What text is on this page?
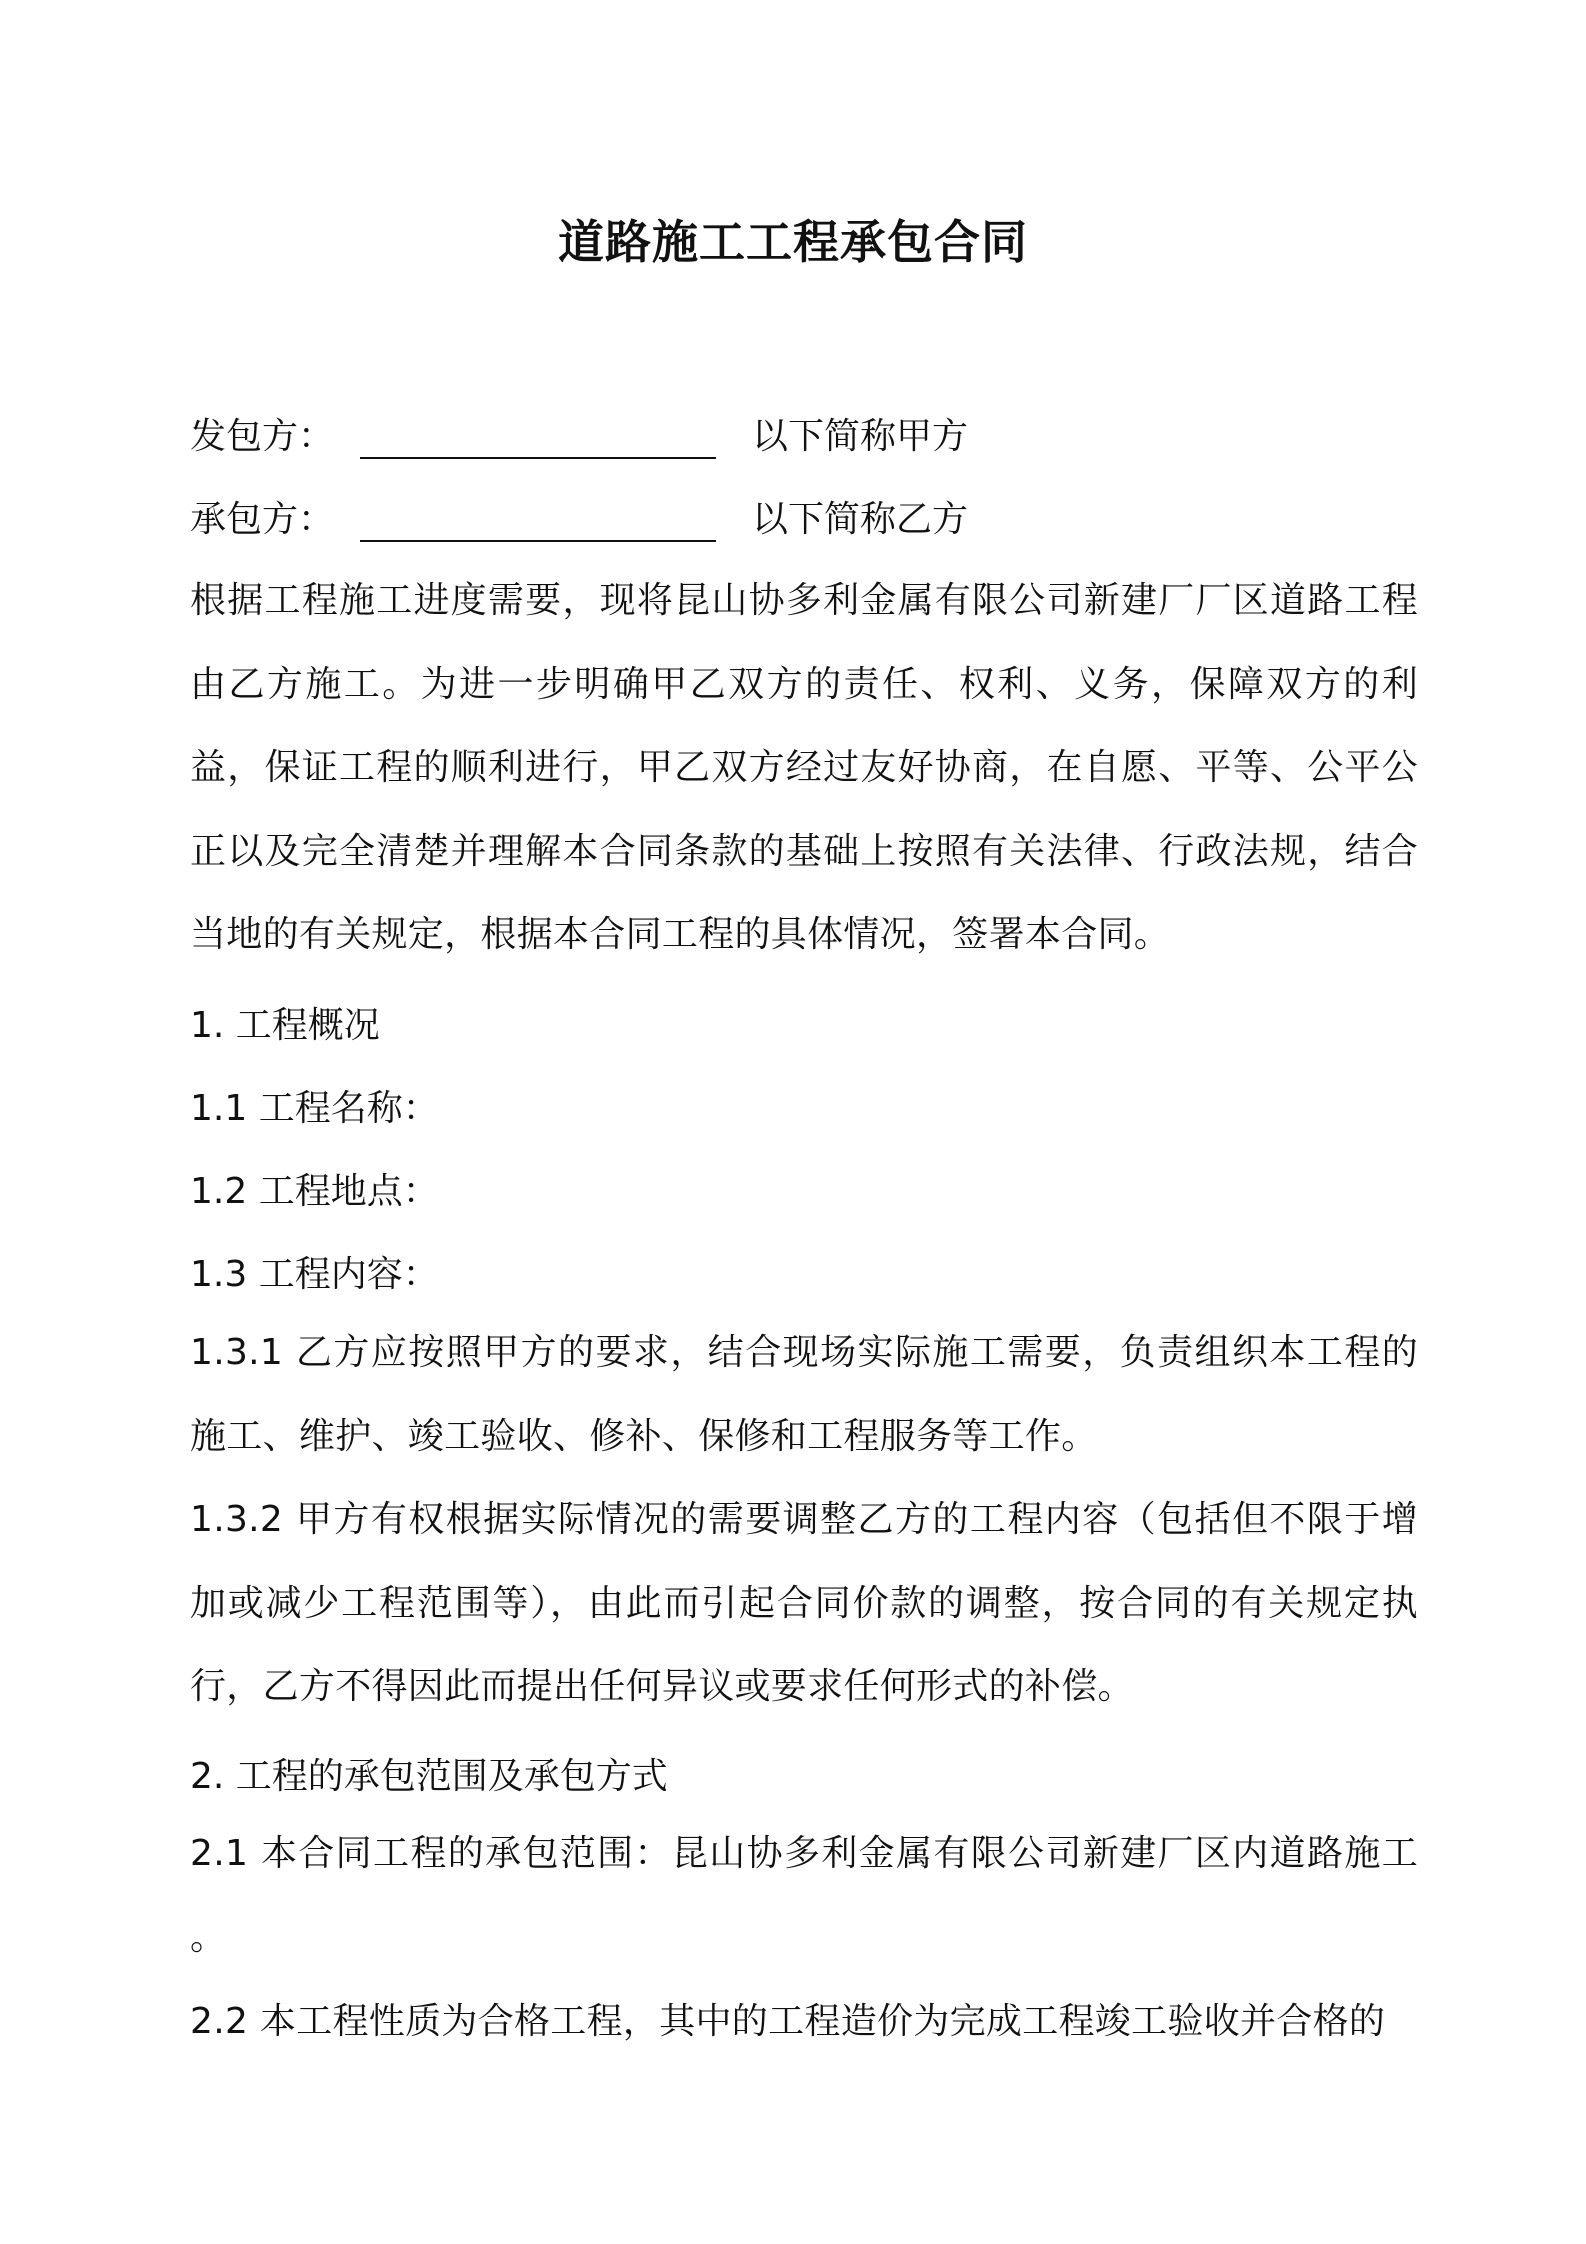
道路施工工程承包合同
发包方：	以下简称甲方
承包方：	以下简称乙方
根据工程施工进度需要，现将昆山协多利金属有限公司新建厂厂区道路工程由乙方施工。为进一步明确甲乙双方的责任、权利、义务，保障双方的利益，保证工程的顺利进行，甲乙双方经过友好协商，在自愿、平等、公平公正以及完全清楚并理解本合同条款的基础上按照有关法律、行政法规，结合当地的有关规定，根据本合同工程的具体情况，签署本合同。
1. 工程概况
1.1 工程名称：
1.2 工程地点：
1.3 工程内容：
1.3.1 乙方应按照甲方的要求，结合现场实际施工需要，负责组织本工程的施工、维护、竣工验收、修补、保修和工程服务等工作。
1.3.2 甲方有权根据实际情况的需要调整乙方的工程内容（包括但不限于增加或减少工程范围等），由此而引起合同价款的调整，按合同的有关规定执行，乙方不得因此而提出任何异议或要求任何形式的补偿。
2. 工程的承包范围及承包方式
2.1 本合同工程的承包范围：昆山协多利金属有限公司新建厂区内道路施工 。
2.2 本工程性质为合格工程，其中的工程造价为完成工程竣工验收并合格的
